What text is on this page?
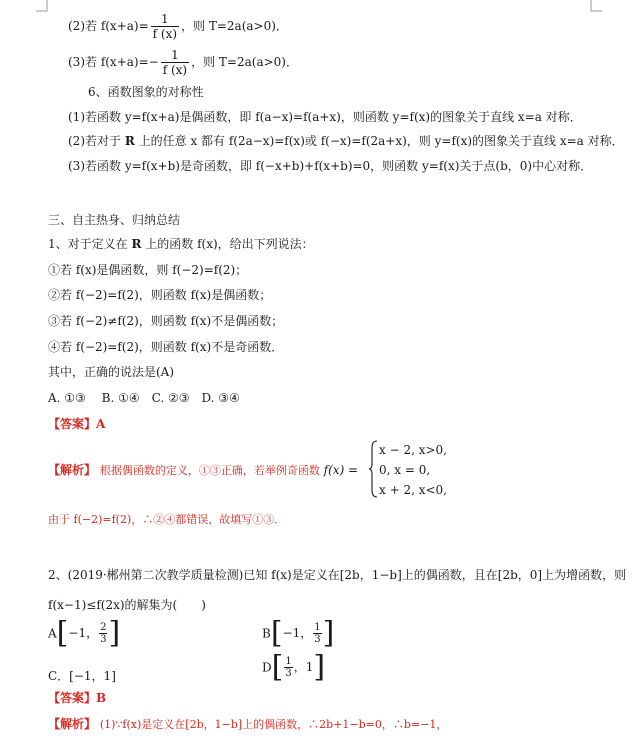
(2)若 $f(x+a)= \frac{1}{f (x)}$ ，则 T=2a(a>0)．
(3)若 $f(x+a)=- \frac{1}{f (x)}$ ，则 T=2a(a>0)．
6、函数图象的对称性
(1)若函数 y=f(x+a)是偶函数，即 f(a−x)=f(a+x)，则函数 y=f(x)的图象关于直线 x=a 对称．
(2)若对于 R 上的任意 x 都有 f(2a−x)=f(x)或 f(−x)=f(2a+x)，则 y=f(x)的图象关于直线 x=a 对称．
(3)若函数 y=f(x+b)是奇函数，即 f(−x+b)+f(x+b)=0，则函数 y=f(x)关于点(b，0)中心对称．
三、自主热身、归纳总结
1、对于定义在 R 上的函数 f(x)，给出下列说法：
①若 f(x)是偶函数，则 f(−2)=f(2)；
②若 f(−2)=f(2)，则函数 f(x)是偶函数；
③若 f(−2)≠f(2)，则函数 f(x)不是偶函数；
④若 f(−2)=f(2)，则函数 f(x)不是奇函数．
其中，正确的说法是(A)
A. ①③　 B. ①④　C. ②③　D. ③④
【答案】A
【解析】 根据偶函数的定义，①③正确，若举例奇函数 f(x) =
x − 2, x>0,
0, x = 0,
x + 2, x<0,
由于 f(−2)=f(2)，∴②④都错误，故填写①③．
2、(2019·郴州第二次教学质量检测)已知 f(x)是定义在[2b，1−b]上的偶函数，且在[2b，0]上为增函数，则
f(x−1)≤f(2x)的解集为(　　)
A[−1， $\frac{2}{3}$ ]	B[−1， $\frac{1}{3}$ ]
C．[−1，1]
$D[ \frac{1}{3}$ ，1]
【答案】B
【解析】 (1)∵f(x)是定义在[2b，1−b]上的偶函数，∴2b+1−b=0，∴b=−1，
